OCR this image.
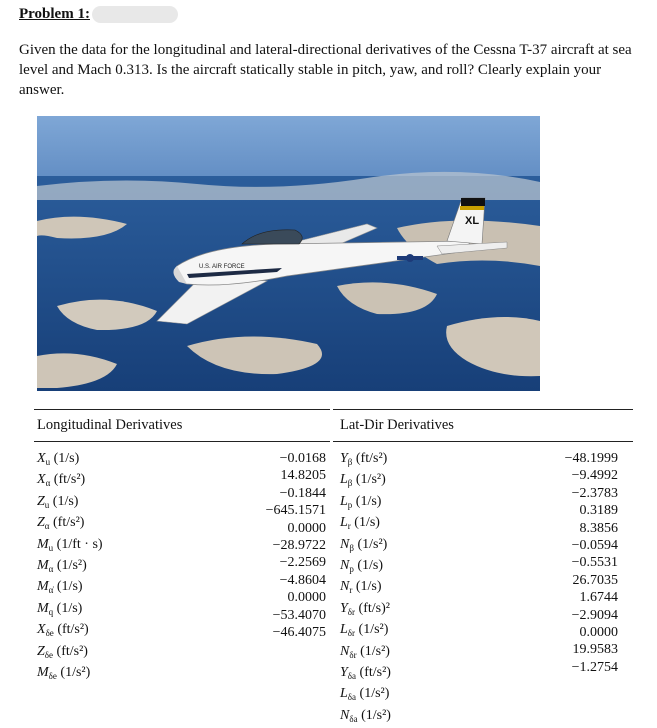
Problem 1:

Given the data for the longitudinal and lateral-directional derivatives of the Cessna T-37 aircraft at sea level and Mach 0.313. Is the aircraft statically stable in pitch, yaw, and roll? Clearly explain your answer.

U.S. AIR FORCE
XL
Longitudinal Derivatives	Lat-Dir Derivatives
$X_u$ (1/s)
$X_\alpha$ (ft/s²)
$Z_u$ (1/s)
$Z_\alpha$ (ft/s²)
$M_u$ (1/ft · s)
$M_\alpha$ (1/s²)
$M_{\alphȧ}$ (1/s)
$M_q$ (1/s)
$X_{\delta e}$ (ft/s²)
$Z_{\delta e}$ (ft/s²)
$M_{\delta e}$ (1/s²)
−0.0168
14.8205
−0.1844
−645.1571
0.0000
−28.9722
−2.2569
−4.8604
0.0000
−53.4070
−46.4075
$Y_\beta$ (ft/s²)
$L_\beta$ (1/s²)
$L_p$ (1/s)
$L_r$ (1/s)
$N_\beta$ (1/s²)
$N_p$ (1/s)
$N_r$ (1/s)
$Y_{\delta r}$ (ft/s)²
$L_{\delta r}$ (1/s²)
$N_{\delta r}$ (1/s²)
$Y_{\delta a}$ (ft/s²)
$L_{\delta a}$ (1/s²)
$N_{\delta a}$ (1/s²)
−48.1999
−9.4992
−2.3783
0.3189
8.3856
−0.0594
−0.5531
26.7035
1.6744
−2.9094
0.0000
19.9583
−1.2754
